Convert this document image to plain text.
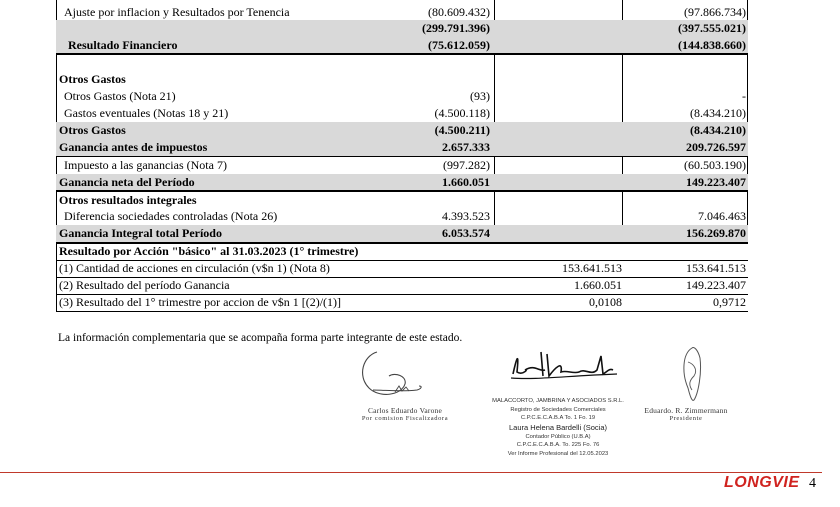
Ajuste por inflacion y Resultados por Tenencia	(80.609.432)	(97.866.734)
(299.791.396)	(397.555.021)
Resultado Financiero	(75.612.059)	(144.838.660)
Otros Gastos
Otros Gastos (Nota 21)	(93)	-
Gastos eventuales (Notas 18 y 21)	(4.500.118)	(8.434.210)
Otros Gastos	(4.500.211)	(8.434.210)
Ganancia antes de impuestos	2.657.333	209.726.597
Impuesto a las ganancias (Nota 7)	(997.282)	(60.503.190)
Ganancia neta del Período	1.660.051	149.223.407
Otros resultados integrales
Diferencia sociedades controladas (Nota 26)	4.393.523	7.046.463
Ganancia Integral total Período	6.053.574	156.269.870
Resultado por Acción "básico" al 31.03.2023 (1° trimestre)
(1) Cantidad de acciones en circulación (v$n 1) (Nota 8)	153.641.513	153.641.513
(2) Resultado del período Ganancia	1.660.051	149.223.407
(3) Resultado del 1° trimestre por accion de v$n 1 [(2)/(1)]	0,0108	0,9712
La información complementaria que se acompaña forma parte integrante de este estado.
Carlos Eduardo Varone
Por comision Fiscalizadora
MALACCORTO, JAMBRINA Y ASOCIADOS S.R.L.
Registro de Sociedades Comerciales
C.P.C.E.C.A.B.A To. 1 Fo. 19
Laura Helena Bardelli (Socia)
Contador Público (U.B.A)
C.P.C.E.C.A.B.A. To. 225 Fo. 76
Ver Informe Profesional del 12.05.2023
Eduardo. R. Zimmermann
Presidente
LONGVIE 4
